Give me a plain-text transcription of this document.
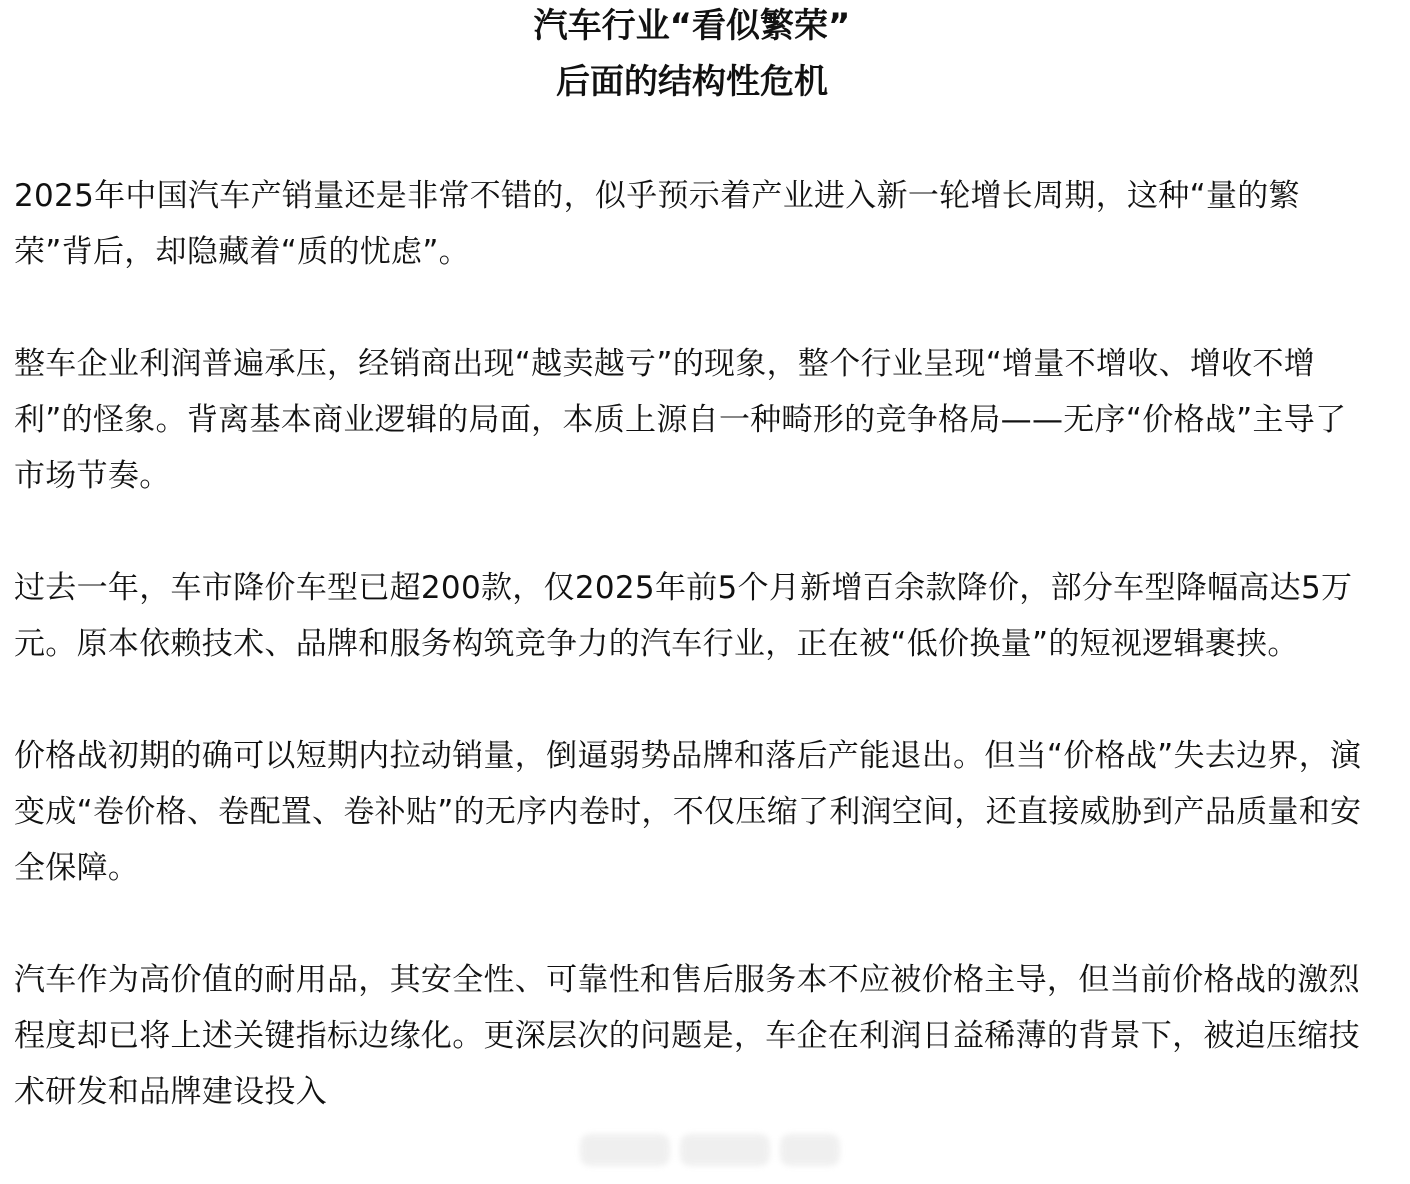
汽车行业“看似繁荣”
后面的结构性危机

2025年中国汽车产销量还是非常不错的，似乎预示着产业进入新一轮增长周期，这种“量的繁荣”背后，却隐藏着“质的忧虑”。

整车企业利润普遍承压，经销商出现“越卖越亏”的现象，整个行业呈现“增量不增收、增收不增利”的怪象。背离基本商业逻辑的局面，本质上源自一种畸形的竞争格局——无序“价格战”主导了市场节奏。

过去一年，车市降价车型已超200款，仅2025年前5个月新增百余款降价，部分车型降幅高达5万元。原本依赖技术、品牌和服务构筑竞争力的汽车行业，正在被“低价换量”的短视逻辑裹挟。

价格战初期的确可以短期内拉动销量，倒逼弱势品牌和落后产能退出。但当“价格战”失去边界，演变成“卷价格、卷配置、卷补贴”的无序内卷时，不仅压缩了利润空间，还直接威胁到产品质量和安全保障。

汽车作为高价值的耐用品，其安全性、可靠性和售后服务本不应被价格主导，但当前价格战的激烈程度却已将上述关键指标边缘化。更深层次的问题是，车企在利润日益稀薄的背景下，被迫压缩技术研发和品牌建设投入
